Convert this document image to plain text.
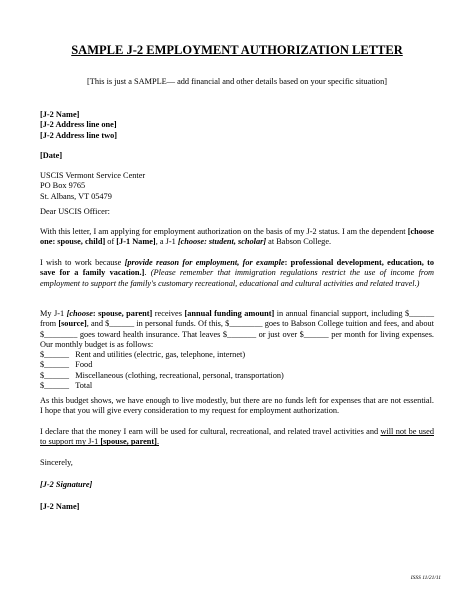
SAMPLE J-2 EMPLOYMENT AUTHORIZATION LETTER
[This is just a SAMPLE— add financial and other details based on your specific situation]
[J-2 Name]
[J-2 Address line one]
[J-2 Address line two]
[Date]
USCIS Vermont Service Center
PO Box 9765
St. Albans, VT 05479
Dear USCIS Officer:
With this letter, I am applying for employment authorization on the basis of my J-2 status. I am the dependent [choose one: spouse, child] of [J-1 Name], a J-1 [choose: student, scholar] at Babson College.
I wish to work because [provide reason for employment, for example: professional development, education, to save for a family vacation.]. (Please remember that immigration regulations restrict the use of income from employment to support the family's customary recreational, educational and cultural activities and related travel.)
My J-1 [choose: spouse, parent] receives [annual funding amount] in annual financial support, including $______ from [source], and $______ in personal funds. Of this, $________ goes to Babson College tuition and fees, and about $________ goes toward health insurance. That leaves $_______ or just over $______ per month for living expenses. Our monthly budget is as follows:
$______ Rent and utilities (electric, gas, telephone, internet)
$______ Food
$______ Miscellaneous (clothing, recreational, personal, transportation)
$______ Total
As this budget shows, we have enough to live modestly, but there are no funds left for expenses that are not essential. I hope that you will give every consideration to my request for employment authorization.
I declare that the money I earn will be used for cultural, recreational, and related travel activities and will not be used to support my J-1 [spouse, parent].
Sincerely,
[J-2 Signature]
[J-2 Name]
ISSS 11/21/11
